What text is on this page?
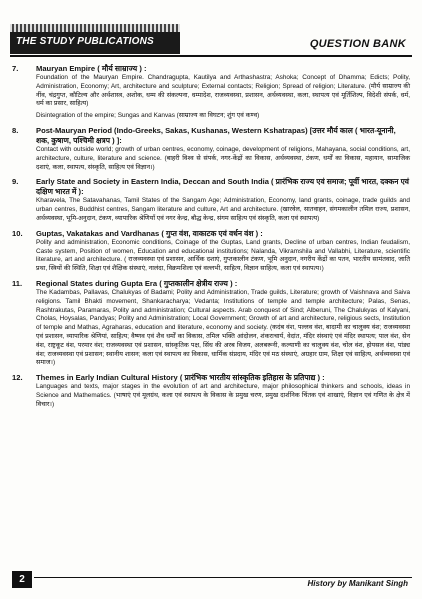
THE STUDY PUBLICATIONS	QUESTION BANK
7.	Mauryan Empire ( मौर्य साम्राज्य ) :

Foundation of the Mauryan Empire. Chandragupta, Kautilya and Arthashastra; Ashoka; Concept of Dhamma; Edicts; Polity, Administration, Economy; Art, architecture and sculpture; External contacts; Religion; Spread of religion; Literature. (मौर्य साम्राज्य की नींव, चंद्रगुप्त, कौटिल्य और अर्थशास्त्र, अशोक, धम्म की संकल्पना, धम्मादेश, राजव्यवस्था, प्रशासन, अर्थव्यवस्था, कला, स्थापत्य एवं मूर्तिशिल्प, विदेशी संपर्क, धर्म, धर्म का प्रसार, साहित्य)

Disintegration of the empire; Sungas and Kanvas (साम्राज्य का विघटन; शुंग एवं कण्व)

8.	Post-Mauryan Period (Indo-Greeks, Sakas, Kushanas, Western Kshatrapas) [उत्तर मौर्य काल ( भारत-यूनानी, शक, कुषाण, पश्चिमी क्षत्रप ) ]:

Contact with outside world; growth of urban centres, economy, coinage, development of religions, Mahayana, social conditions, art, architecture, culture, literature and science. (बाहरी विश्व से संपर्क, नगर-केंद्रों का विकास, अर्थव्यवस्था, टंकण, धर्मों का विकास, महायान, सामाजिक दशाएं, कला, स्थापत्य, संस्कृति, साहित्य एवं विज्ञान।)

9.	Early State and Society in Eastern India, Deccan and South India ( प्रारंभिक राज्य एवं समाज; पूर्वी भारत, दक्कन एवं दक्षिण भारत में ):

Kharavela, The Satavahanas, Tamil States of the Sangam Age; Administration, Economy, land grants, coinage, trade guilds and urban centres, Buddhist centres, Sangam literature and culture, Art and architecture. (खारवेल, सातवाहन, संगमकालीन तमिल राज्य, प्रशासन, अर्थव्यवस्था, भूमि-अनुदान, टंकण, व्यापारिक श्रेणियाँ एवं नगर केन्द्र, बौद्ध केन्द्र, संगम साहित्य एवं संस्कृति, कला एवं स्थापत्य)

10.	Guptas, Vakatakas and Vardhanas ( गुप्त वंश, वाकाटक एवं वर्धन वंश ) :

Polity and administration, Economic conditions, Coinage of the Guptas, Land grants, Decline of urban centres, Indian feudalism, Caste system, Position of women, Education and educational institutions; Nalanda, Vikramshila and Vallabhi, Literature, scientific literature, art and architecture. ( राजव्यवस्था एवं प्रशासन, आर्थिक दशाएं, गुप्तकालीन टंकण, भूमि अनुदान, नगरीय केंद्रों का पतन, भारतीय सामंतवाद, जाति प्रथा, स्त्रियों की स्थिति, शिक्षा एवं शैक्षिक संस्थाएं, नालंदा, विक्रमशिला एवं वल्लभी, साहित्य, विज्ञान साहित्य, कला एवं स्थापत्य।)

11.	Regional States during Gupta Era ( गुप्तकालीन क्षेत्रीय राज्य ) :

The Kadambas, Pallavas, Chalukyas of Badami; Polity and Administration, Trade guilds, Literature; growth of Vaishnava and Saiva religions. Tamil Bhakti movement, Shankaracharya; Vedanta; Institutions of temple and temple architecture; Palas, Senas, Rashtrakutas, Paramaras, Polity and administration; Cultural aspects. Arab conquest of Sind; Alberuni, The Chalukyas of Kalyani, Cholas, Hoysalas, Pandyas; Polity and Administration; Local Government; Growth of art and architecture, religious sects, Institution of temple and Mathas, Agraharas, education and literature, economy and society. (कदंब वंश, पल्लव वंश, बादामी का चालुक्य वंश; राजव्यवस्था एवं प्रशासन, व्यापारिक श्रेणियां, साहित्य; वैष्णव एवं शैव धर्मों का विकास, तमिल भक्ति आंदोलन, शंकराचार्य, वेदांत, मंदिर संस्थाएं एवं मंदिर स्थापत्य; पाल वंश, सेन वंश, राष्ट्रकूट वंश, परमार वंश; राजव्यवस्था एवं प्रशासन, सांस्कृतिक पक्ष, सिंध की अरब विजय, अलबरूनी, कल्याणी का चालुक्य वंश, चोल वंश, होयसल वंश, पांड्य वंश; राजव्यवस्था एवं प्रशासन; स्थानीय शासन; कला एवं स्थापत्य का विकास, धार्मिक संप्रदाय, मंदिर एवं मठ संस्थाएं, अग्रहार ग्राम, शिक्षा एवं साहित्य, अर्थव्यवस्था एवं समाज।)

12.	Themes in Early Indian Cultural History ( प्रारंभिक भारतीय सांस्कृतिक इतिहास के प्रतिपाद्य ) :

Languages and texts, major stages in the evolution of art and architecture, major philosophical thinkers and schools, ideas in Science and Mathematics. (भाषाएं एवं मूलग्रंथ, कला एवं स्थापत्य के विकास के प्रमुख चरण, प्रमुख दार्शनिक चिंतक एवं शाखाएं, विज्ञान एवं गणित के क्षेत्र में विचार।)

2	History by Manikant Singh
